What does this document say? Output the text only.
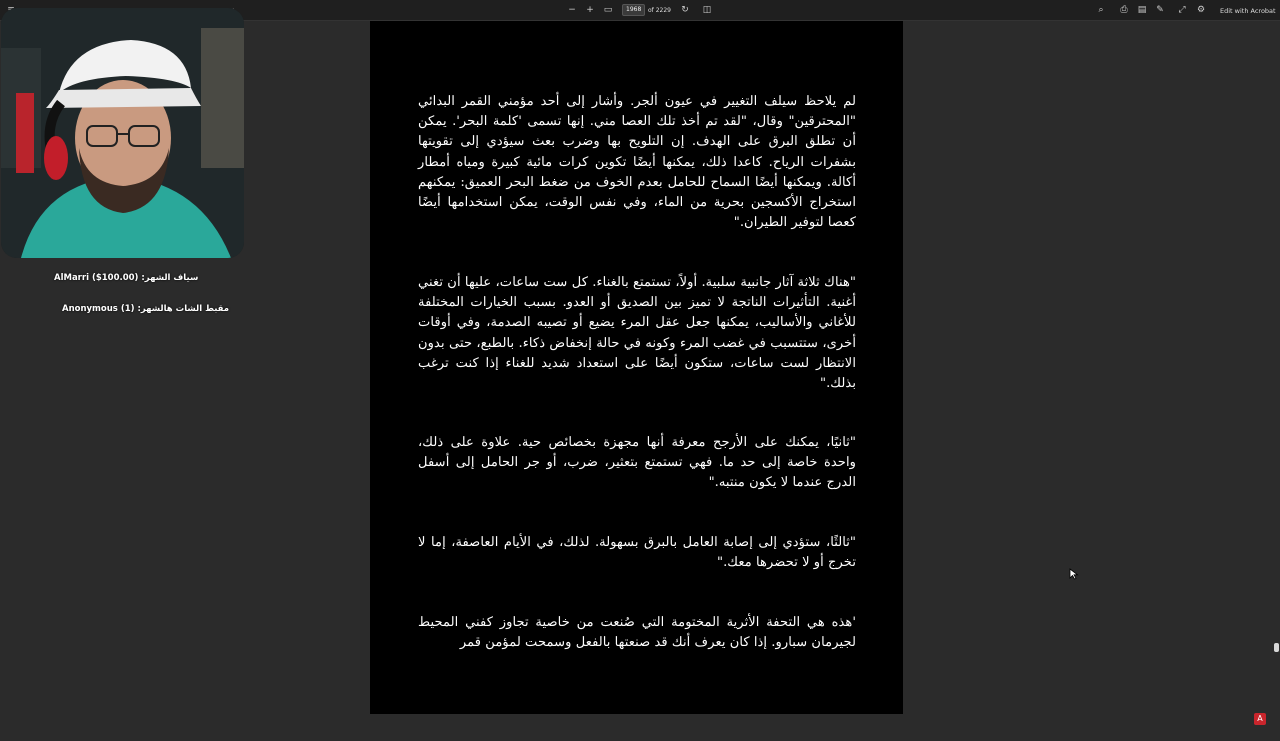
− + ▭	1968	of 2229 ↻ ◫	⌕	⎙ ▤ ✎ ⤢ ⚙	Edit with Acrobat

لم يلاحظ سيلف التغيير في عيون ألجر. وأشار إلى أحد مؤمني القمر البدائي "المحترقين" وقال، "لقد تم أخذ تلك العصا مني. إنها تسمى 'كلمة البحر'. يمكن أن تطلق البرق على الهدف. إن التلويح بها وضرب بعث سيؤدي إلى تقويتها بشفرات الرياح. كاعدا ذلك، يمكنها أيضًا تكوين كرات مائية كبيرة ومياه أمطار أكالة. ويمكنها أيضًا السماح للحامل بعدم الخوف من ضغط البحر العميق: يمكنهم استخراج الأكسجين بحرية من الماء، وفي نفس الوقت، يمكن استخدامها أيضًا كعصا لتوفير الطيران."

"هناك ثلاثة آثار جانبية سلبية. أولاً، تستمتع بالغناء. كل ست ساعات، عليها أن تغني أغنية. التأثيرات الناتجة لا تميز بين الصديق أو العدو. بسبب الخيارات المختلفة للأغاني والأساليب، يمكنها جعل عقل المرء يضيع أو تصيبه الصدمة، وفي أوقات أخرى، ستتسبب في غضب المرء وكونه في حالة إنخفاض ذكاء. بالطبع، حتى بدون الانتظار لست ساعات، ستكون أيضًا على استعداد شديد للغناء إذا كنت ترغب بذلك."

"ثانيًا، يمكنك على الأرجح معرفة أنها مجهزة بخصائص حية. علاوة على ذلك، واحدة خاصة إلى حد ما. فهي تستمتع بتعثير، ضرب، أو جر الحامل إلى أسفل الدرج عندما لا يكون منتبه."

"ثالثًا، ستؤدي إلى إصابة العامل بالبرق بسهولة. لذلك، في الأيام العاصفة، إما لا تخرج أو لا تحضرها معك."

'هذه هي التحفة الأثرية المختومة التي صُنعت من خاصية تجاوز كفني المحيط لجيرمان سبارو. إذا كان يعرف أنك قد صنعتها بالفعل وسمحت لمؤمن قمر

A
سياف الشهر: AlMarri ($100.00)
مقبط الشات هالشهر: Anonymous (1)
